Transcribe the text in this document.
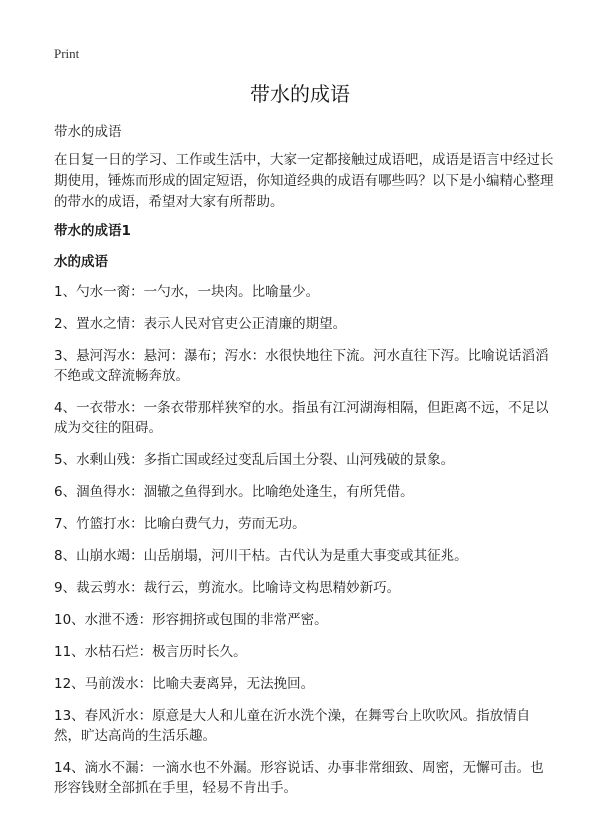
Print
带水的成语
带水的成语

在日复一日的学习、工作或生活中，大家一定都接触过成语吧，成语是语言中经过长期使用，锤炼而形成的固定短语，你知道经典的成语有哪些吗？以下是小编精心整理的带水的成语，希望对大家有所帮助。

带水的成语1
水的成语
1、勺水一脔：一勺水，一块肉。比喻量少。
2、置水之情：表示人民对官吏公正清廉的期望。
3、悬河泻水：悬河：瀑布；泻水：水很快地往下流。河水直往下泻。比喻说话滔滔不绝或文辞流畅奔放。
4、一衣带水：一条衣带那样狭窄的水。指虽有江河湖海相隔，但距离不远，不足以成为交往的阻碍。
5、水剩山残：多指亡国或经过变乱后国土分裂、山河残破的景象。
6、涸鱼得水：涸辙之鱼得到水。比喻绝处逢生，有所凭借。
7、竹篮打水：比喻白费气力，劳而无功。
8、山崩水竭：山岳崩塌，河川干枯。古代认为是重大事变或其征兆。
9、裁云剪水：裁行云，剪流水。比喻诗文构思精妙新巧。
10、水泄不透：形容拥挤或包围的非常严密。
11、水枯石烂：极言历时长久。
12、马前泼水：比喻夫妻离异，无法挽回。
13、春风沂水：原意是大人和儿童在沂水洗个澡，在舞雩台上吹吹风。指放情自然，旷达高尚的生活乐趣。
14、滴水不漏：一滴水也不外漏。形容说话、办事非常细致、周密，无懈可击。也形容钱财全部抓在手里，轻易不肯出手。
